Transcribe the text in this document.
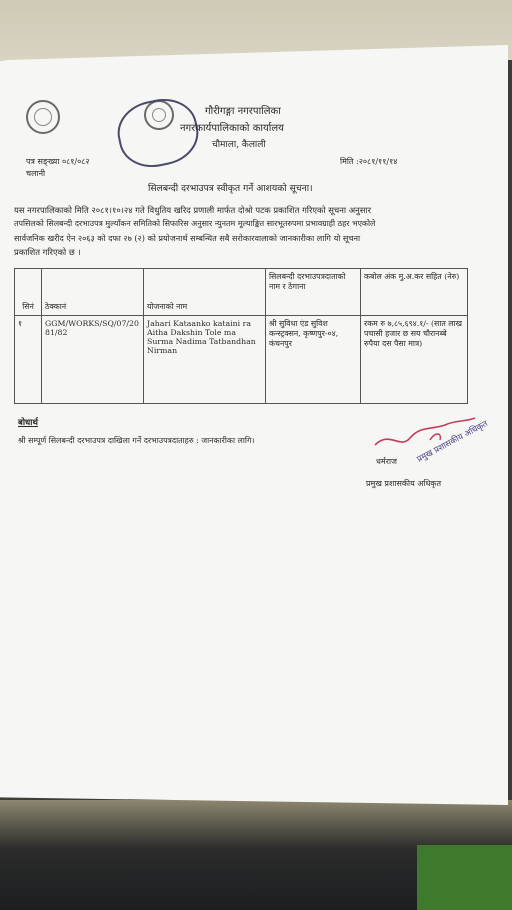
गौरीगङ्गा नगरपालिका
नगरकार्यपालिकाको कार्यालय
चौमाला, कैलाली
पत्र सङ्ख्या ०८१/०८२
चलानी
मिति :२०८१/११/१४
सिलबन्दी दरभाउपत्र स्वीकृत गर्ने आशयको सूचना।
यस नगरपालिकाको मिति २०८१।१०।२४ गते विधुतिय खरिद प्रणाली मार्फत दोश्रो पटक प्रकाशित गरिएको सूचना अनुसार
तपसिलको सिलबन्दी दरभाउपत्र मुल्याँकन समितिको सिफारिस अनुसार न्युनतम मूल्याङ्कित सारभूतरुपमा प्रभावग्राही ठहर भएकोले
सार्वजनिक खरीद ऐन २०६३ को दफा २७ (२) को प्रयोजनार्थ सम्बन्धित सबै सरोकारवालाको जानकारीका लागि यो सूचना
प्रकाशित गरिएको छ ।
सिनं	ठेक्कानं	योजनाको नाम	सिलबन्दी दरभाउपत्रदाताको नाम र ठेगाना	कबोल अंक मु.अ.कर सहित (नेरु)
१	GGM/WORKS/SQ/07/2081/82	Jahari Kataanko kataini ra Aitha Dakshin Tole ma Surma Nadima Tatbandhan Nirman	श्री सुविधा एंड सुविश कन्स्ट्रक्सन, कृष्णपुर-०४, कंचनपुर	रकम रु ७,८५,६९४.१/- (सात लाख पचासी हजार छ सय चौरानब्बे रुपैया दस पैसा मात्र)
बोधार्थ
श्री सम्पूर्ण सिलबन्दी दरभाउपत्र दाखिला गर्ने दरभाउपत्रदाताहरु : जानकारीका लागि।
धर्मराज
प्रमुख प्रशासकीय अधिकृत
प्रमुख प्रशासकीय अधिकृत
